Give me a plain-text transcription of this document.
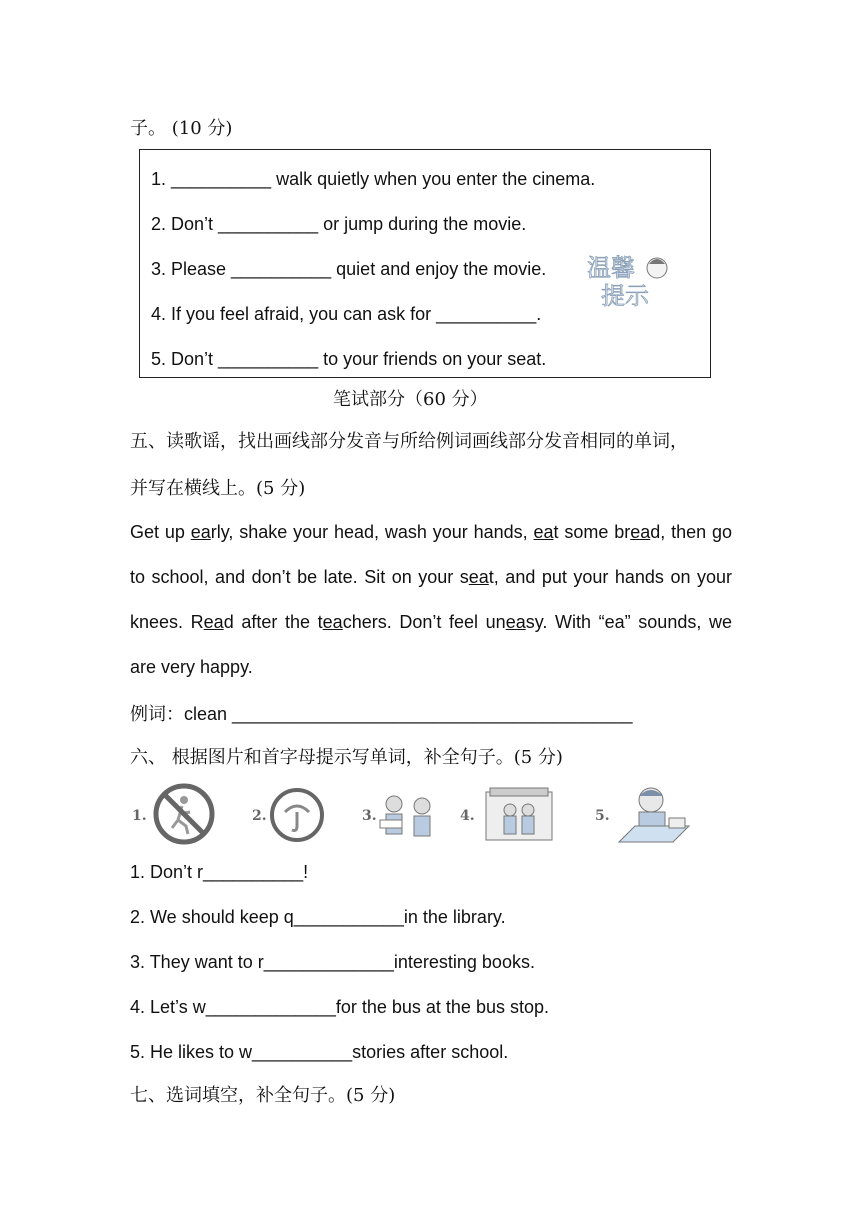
子。 (10 分)
1. __________ walk quietly when you enter the cinema.
2. Don’t __________ or jump during the movie.
3. Please __________ quiet and enjoy the movie.
4. If you feel afraid, you can ask for __________.
5. Don’t __________ to your friends on your seat.
温馨
提示
笔试部分（60 分）
五、读歌谣，找出画线部分发音与所给例词画线部分发音相同的单词，
并写在横线上。(5 分)
Get up early, shake your head, wash your hands, eat some bread, then go to school, and don’t be late. Sit on your seat, and put your hands on your knees. Read after the teachers. Don’t feel uneasy. With “ea” sounds, we are very happy.
例词：clean ________________________________________
六、 根据图片和首字母提示写单词，补全句子。(5 分)
1.	2.	3.	4.	5.
1. Don’t r__________!
2. We should keep q___________in the library.
3. They want to r_____________interesting books.
4. Let’s w_____________for the bus at the bus stop.
5. He likes to w__________stories after school.
七、选词填空，补全句子。(5 分)
